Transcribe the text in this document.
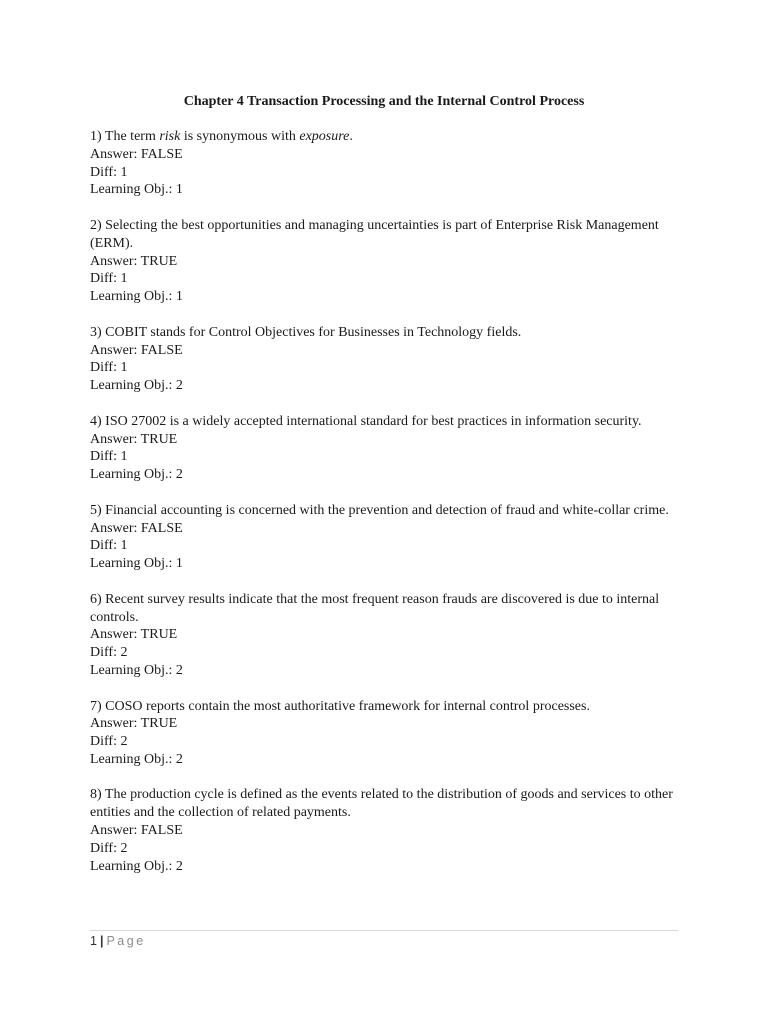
Chapter 4 Transaction Processing and the Internal Control Process
1) The term risk is synonymous with exposure.
Answer: FALSE
Diff: 1
Learning Obj.: 1
2) Selecting the best opportunities and managing uncertainties is part of Enterprise Risk Management (ERM).
Answer: TRUE
Diff: 1
Learning Obj.: 1
3) COBIT stands for Control Objectives for Businesses in Technology fields.
Answer: FALSE
Diff: 1
Learning Obj.: 2
4) ISO 27002 is a widely accepted international standard for best practices in information security.
Answer: TRUE
Diff: 1
Learning Obj.: 2
5) Financial accounting is concerned with the prevention and detection of fraud and white-collar crime.
Answer: FALSE
Diff: 1
Learning Obj.: 1
6) Recent survey results indicate that the most frequent reason frauds are discovered is due to internal controls.
Answer: TRUE
Diff: 2
Learning Obj.: 2
7) COSO reports contain the most authoritative framework for internal control processes.
Answer: TRUE
Diff: 2
Learning Obj.: 2
8) The production cycle is defined as the events related to the distribution of goods and services to other entities and the collection of related payments.
Answer: FALSE
Diff: 2
Learning Obj.: 2
1 | Page
